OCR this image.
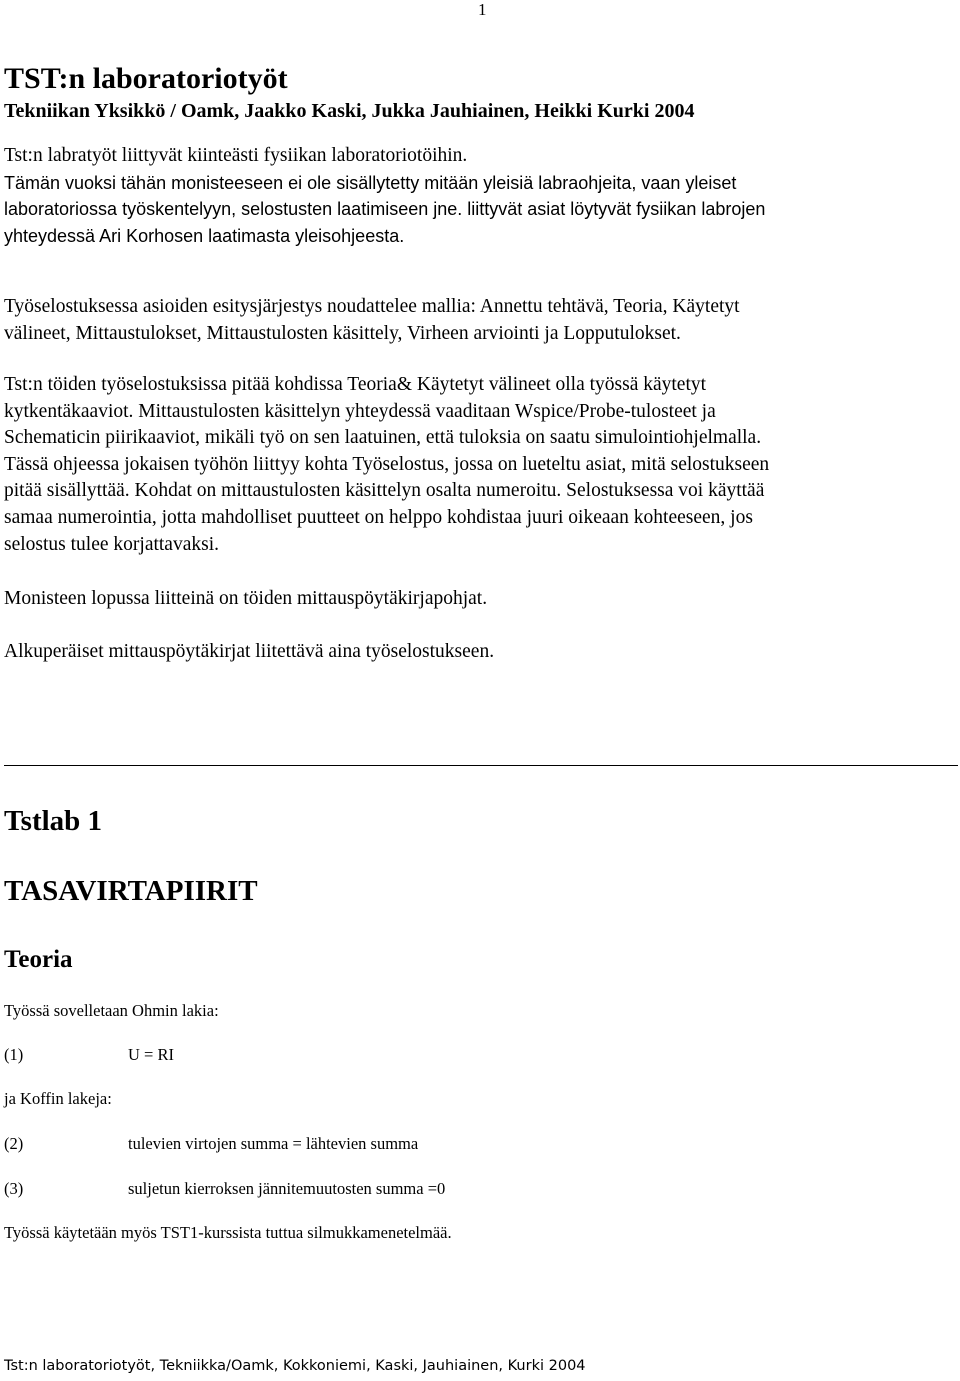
1
TST:n laboratoriotyöt
Tekniikan Yksikkö / Oamk, Jaakko Kaski, Jukka Jauhiainen, Heikki Kurki 2004
Tst:n labratyöt liittyvät kiinteästi fysiikan laboratoriotöihin.
Tämän vuoksi tähän monisteeseen ei ole sisällytetty mitään yleisiä labraohjeita, vaan yleiset
laboratoriossa työskentelyyn, selostusten laatimiseen jne. liittyvät asiat löytyvät fysiikan labrojen
yhteydessä Ari Korhosen laatimasta yleisohjeesta.
Työselostuksessa asioiden esitysjärjestys noudattelee mallia: Annettu tehtävä, Teoria, Käytetyt
välineet, Mittaustulokset, Mittaustulosten käsittely, Virheen arviointi ja Lopputulokset.
Tst:n töiden työselostuksissa pitää kohdissa Teoria& Käytetyt välineet olla työssä käytetyt
kytkentäkaaviot. Mittaustulosten käsittelyn yhteydessä vaaditaan Wspice/Probe-tulosteet ja
Schematicin piirikaaviot, mikäli työ on sen laatuinen, että tuloksia on saatu simulointiohjelmalla.
Tässä ohjeessa jokaisen työhön liittyy kohta Työselostus, jossa on lueteltu asiat, mitä selostukseen
pitää sisällyttää. Kohdat on mittaustulosten käsittelyn osalta numeroitu. Selostuksessa voi käyttää
samaa numerointia, jotta mahdolliset puutteet on helppo kohdistaa juuri oikeaan kohteeseen, jos
selostus tulee korjattavaksi.
Monisteen lopussa liitteinä on töiden mittauspöytäkirjapohjat.
Alkuperäiset mittauspöytäkirjat liitettävä aina työselostukseen.
Tstlab 1
TASAVIRTAPIIRIT
Teoria
Työssä sovelletaan Ohmin lakia:
(1)	U = RI
ja Koffin lakeja:
(2)	tulevien virtojen summa = lähtevien summa
(3)	suljetun kierroksen jännitemuutosten summa =0
Työssä käytetään myös TST1-kurssista tuttua silmukkamenetelmää.
Tst:n laboratoriotyöt, Tekniikka/Oamk, Kokkoniemi, Kaski, Jauhiainen, Kurki 2004
